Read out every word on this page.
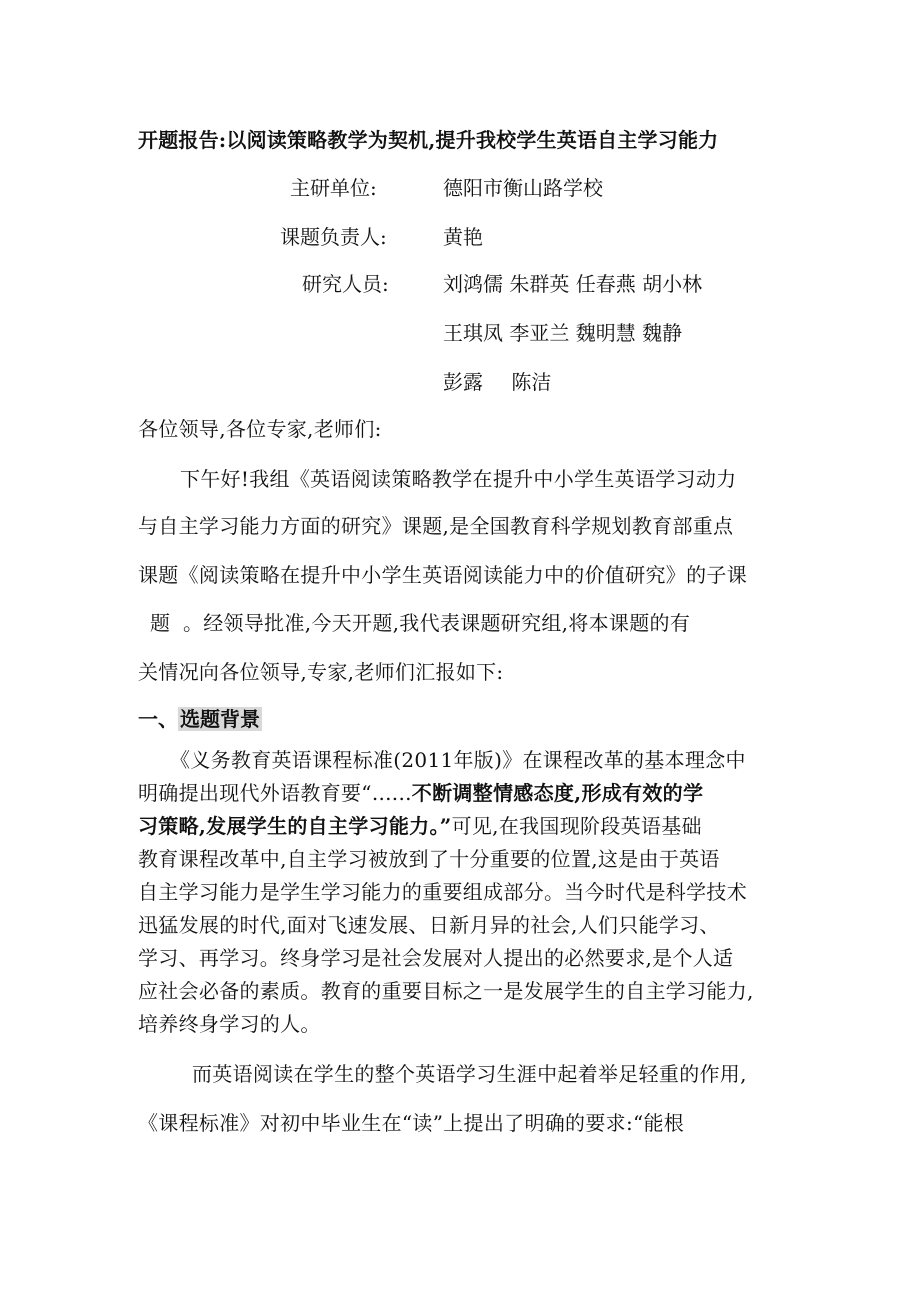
开题报告:以阅读策略教学为契机,提升我校学生英语自主学习能力
主研单位:	德阳市衡山路学校
课题负责人:	黄艳
研究人员:	刘鸿儒 朱群英 任春燕 胡小林
王琪凤 李亚兰 魏明慧 魏静
彭露 陈洁
各位领导,各位专家,老师们:
下午好!我组《英语阅读策略教学在提升中小学生英语学习动力
与自主学习能力方面的研究》课题,是全国教育科学规划教育部重点
课题《阅读策略在提升中小学生英语阅读能力中的价值研究》的子课
题 。经领导批准,今天开题,我代表课题研究组,将本课题的有
关情况向各位领导,专家,老师们汇报如下:
一、 选题背景
《义务教育英语课程标准(2011年版)》在课程改革的基本理念中
明确提出现代外语教育要“......不断调整情感态度,形成有效的学
习策略,发展学生的自主学习能力。”可见,在我国现阶段英语基础
教育课程改革中,自主学习被放到了十分重要的位置,这是由于英语
自主学习能力是学生学习能力的重要组成部分。当今时代是科学技术
迅猛发展的时代,面对飞速发展、日新月异的社会,人们只能学习、
学习、再学习。终身学习是社会发展对人提出的必然要求,是个人适
应社会必备的素质。教育的重要目标之一是发展学生的自主学习能力,
培养终身学习的人。
而英语阅读在学生的整个英语学习生涯中起着举足轻重的作用,
《课程标准》对初中毕业生在“读”上提出了明确的要求:“能根
